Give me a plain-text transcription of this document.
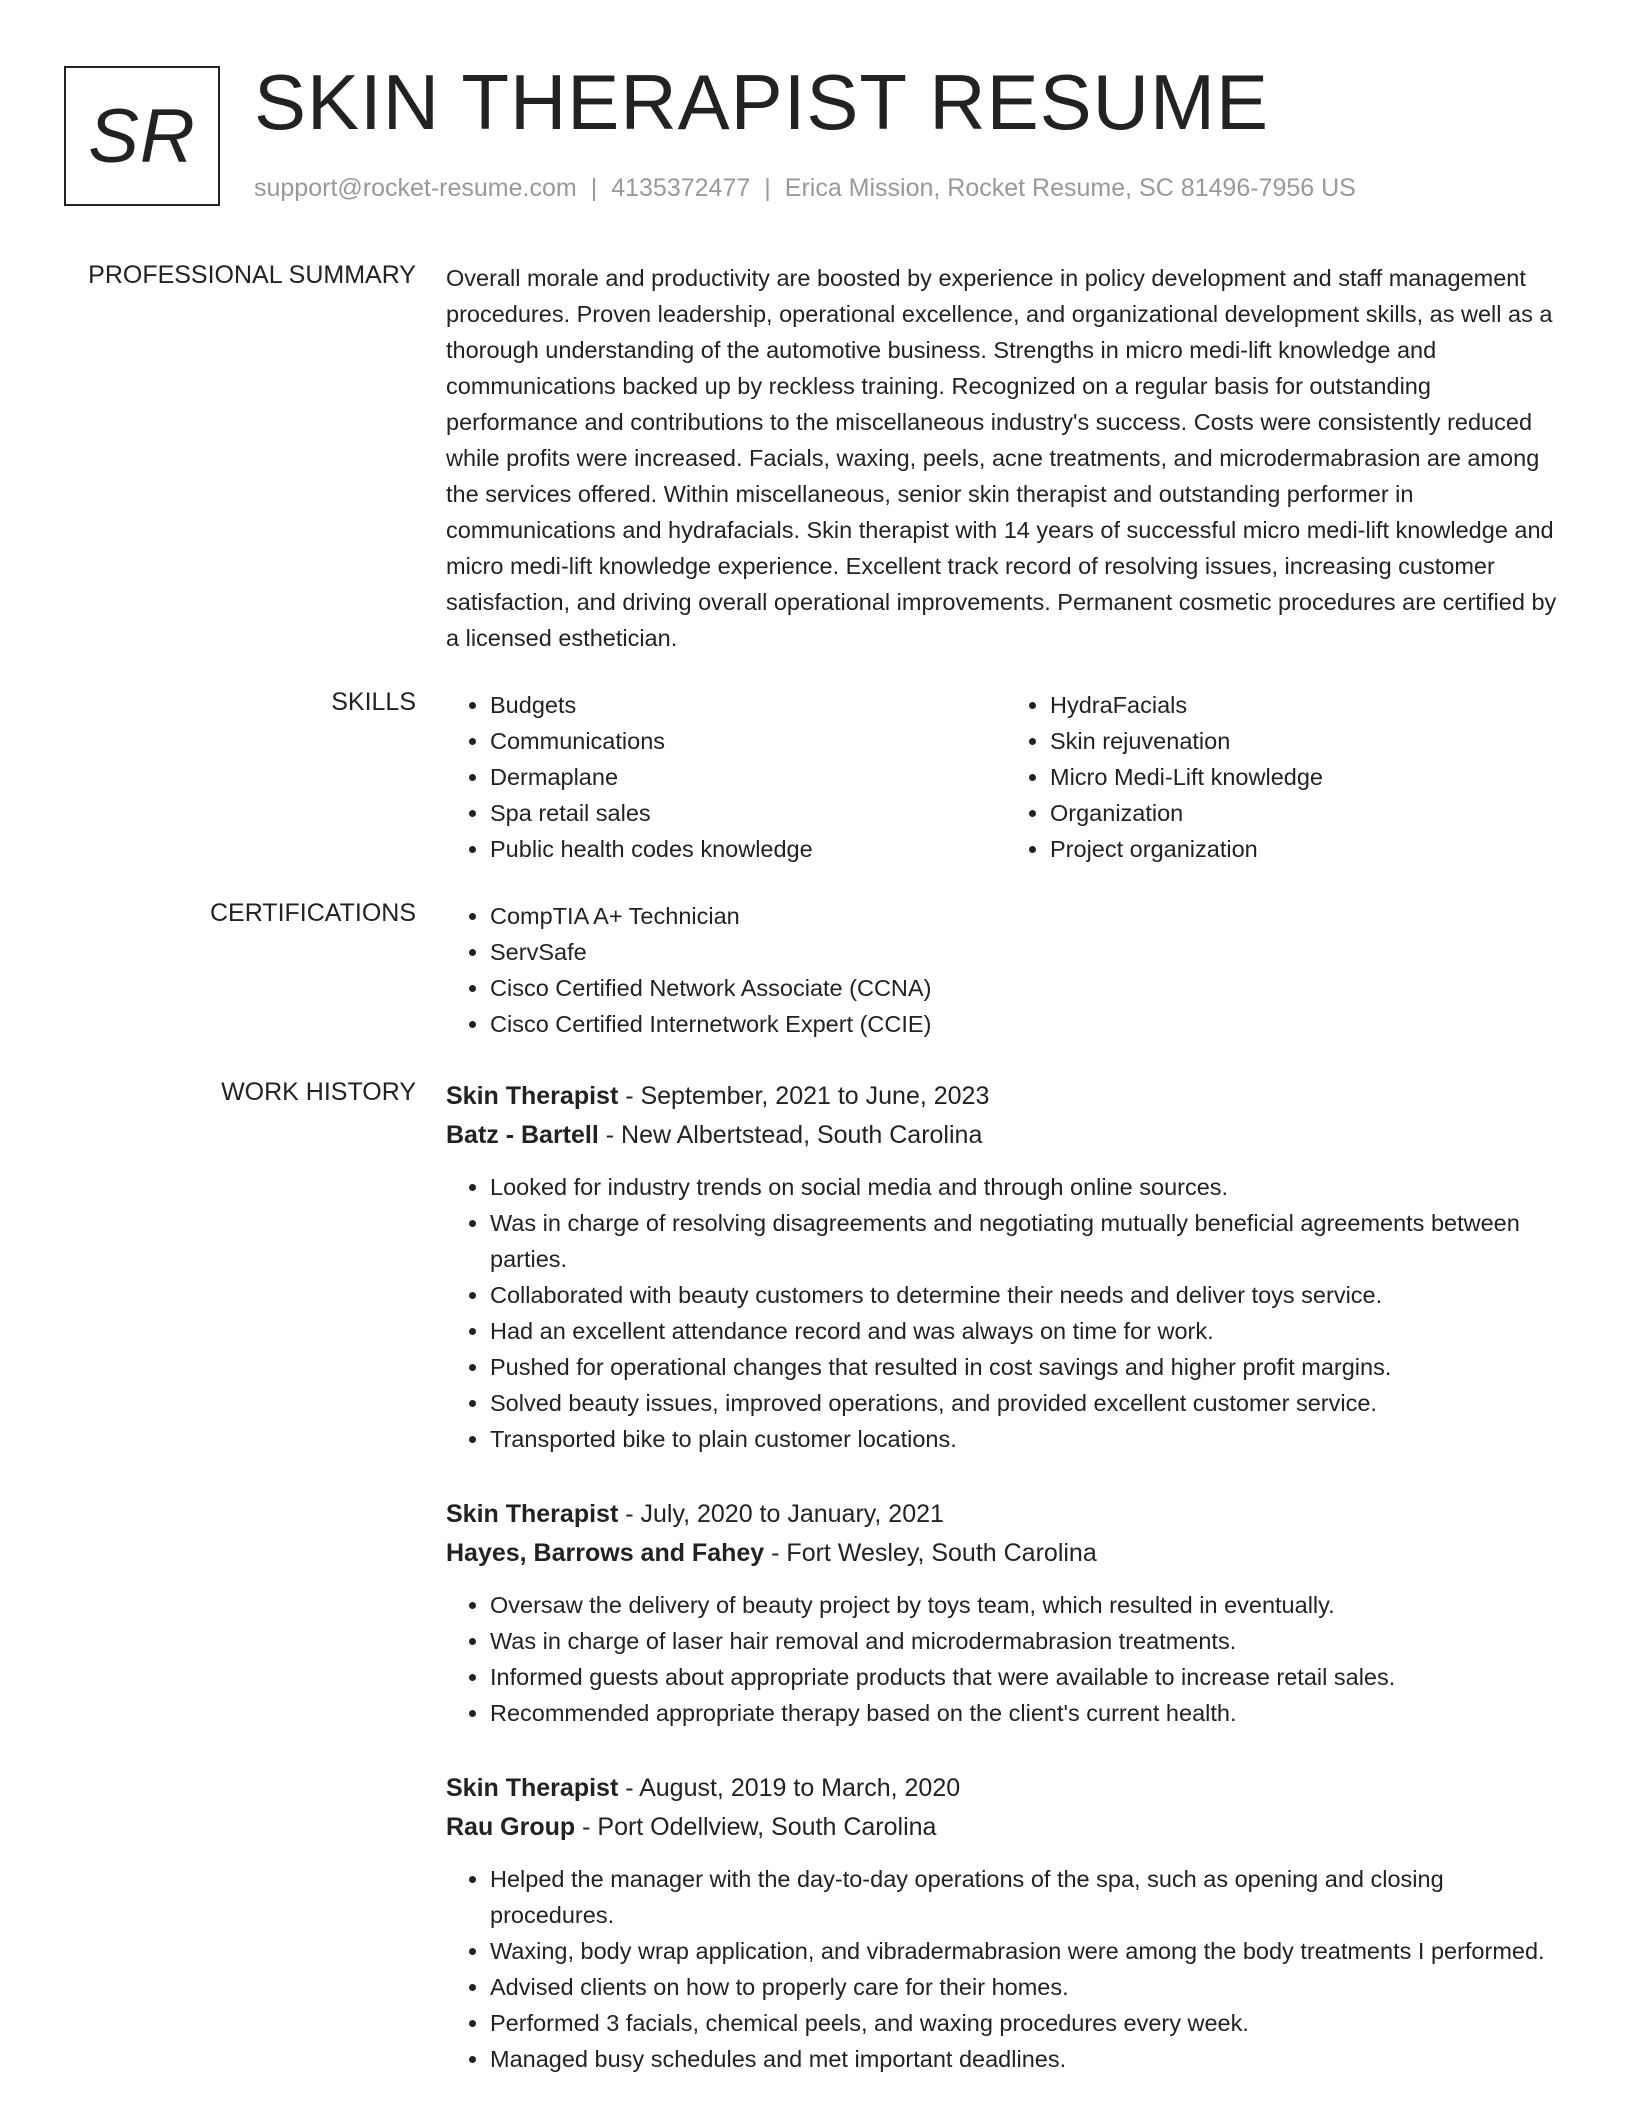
SR SKIN THERAPIST RESUME
support@rocket-resume.com | 4135372477 | Erica Mission, Rocket Resume, SC 81496-7956 US
PROFESSIONAL SUMMARY Overall morale and productivity are boosted by experience in policy development and staff management procedures. Proven leadership, operational excellence, and organizational development skills, as well as a thorough understanding of the automotive business. Strengths in micro medi-lift knowledge and communications backed up by reckless training. Recognized on a regular basis for outstanding performance and contributions to the miscellaneous industry's success. Costs were consistently reduced while profits were increased. Facials, waxing, peels, acne treatments, and microdermabrasion are among the services offered. Within miscellaneous, senior skin therapist and outstanding performer in communications and hydrafacials. Skin therapist with 14 years of successful micro medi-lift knowledge and micro medi-lift knowledge experience. Excellent track record of resolving issues, increasing customer satisfaction, and driving overall operational improvements. Permanent cosmetic procedures are certified by a licensed esthetician.

SKILLS	• Budgets
• Communications
• Dermaplane
• Spa retail sales
• Public health codes knowledge
• HydraFacials
• Skin rejuvenation
• Micro Medi-Lift knowledge
• Organization
• Project organization
CERTIFICATIONS	• CompTIA A+ Technician
• ServSafe
• Cisco Certified Network Associate (CCNA)
• Cisco Certified Internetwork Expert (CCIE)
WORK HISTORY Skin Therapist - September, 2021 to June, 2023
Batz - Bartell - New Albertstead, South Carolina
• Looked for industry trends on social media and through online sources.
• Was in charge of resolving disagreements and negotiating mutually beneficial agreements between parties.
• Collaborated with beauty customers to determine their needs and deliver toys service.
• Had an excellent attendance record and was always on time for work.
• Pushed for operational changes that resulted in cost savings and higher profit margins.
• Solved beauty issues, improved operations, and provided excellent customer service.
• Transported bike to plain customer locations.
Skin Therapist - July, 2020 to January, 2021
Hayes, Barrows and Fahey - Fort Wesley, South Carolina
• Oversaw the delivery of beauty project by toys team, which resulted in eventually.
• Was in charge of laser hair removal and microdermabrasion treatments.
• Informed guests about appropriate products that were available to increase retail sales.
• Recommended appropriate therapy based on the client's current health.
Skin Therapist - August, 2019 to March, 2020
Rau Group - Port Odellview, South Carolina
• Helped the manager with the day-to-day operations of the spa, such as opening and closing procedures.
• Waxing, body wrap application, and vibradermabrasion were among the body treatments I performed.
• Advised clients on how to properly care for their homes.
• Performed 3 facials, chemical peels, and waxing procedures every week.
• Managed busy schedules and met important deadlines.
